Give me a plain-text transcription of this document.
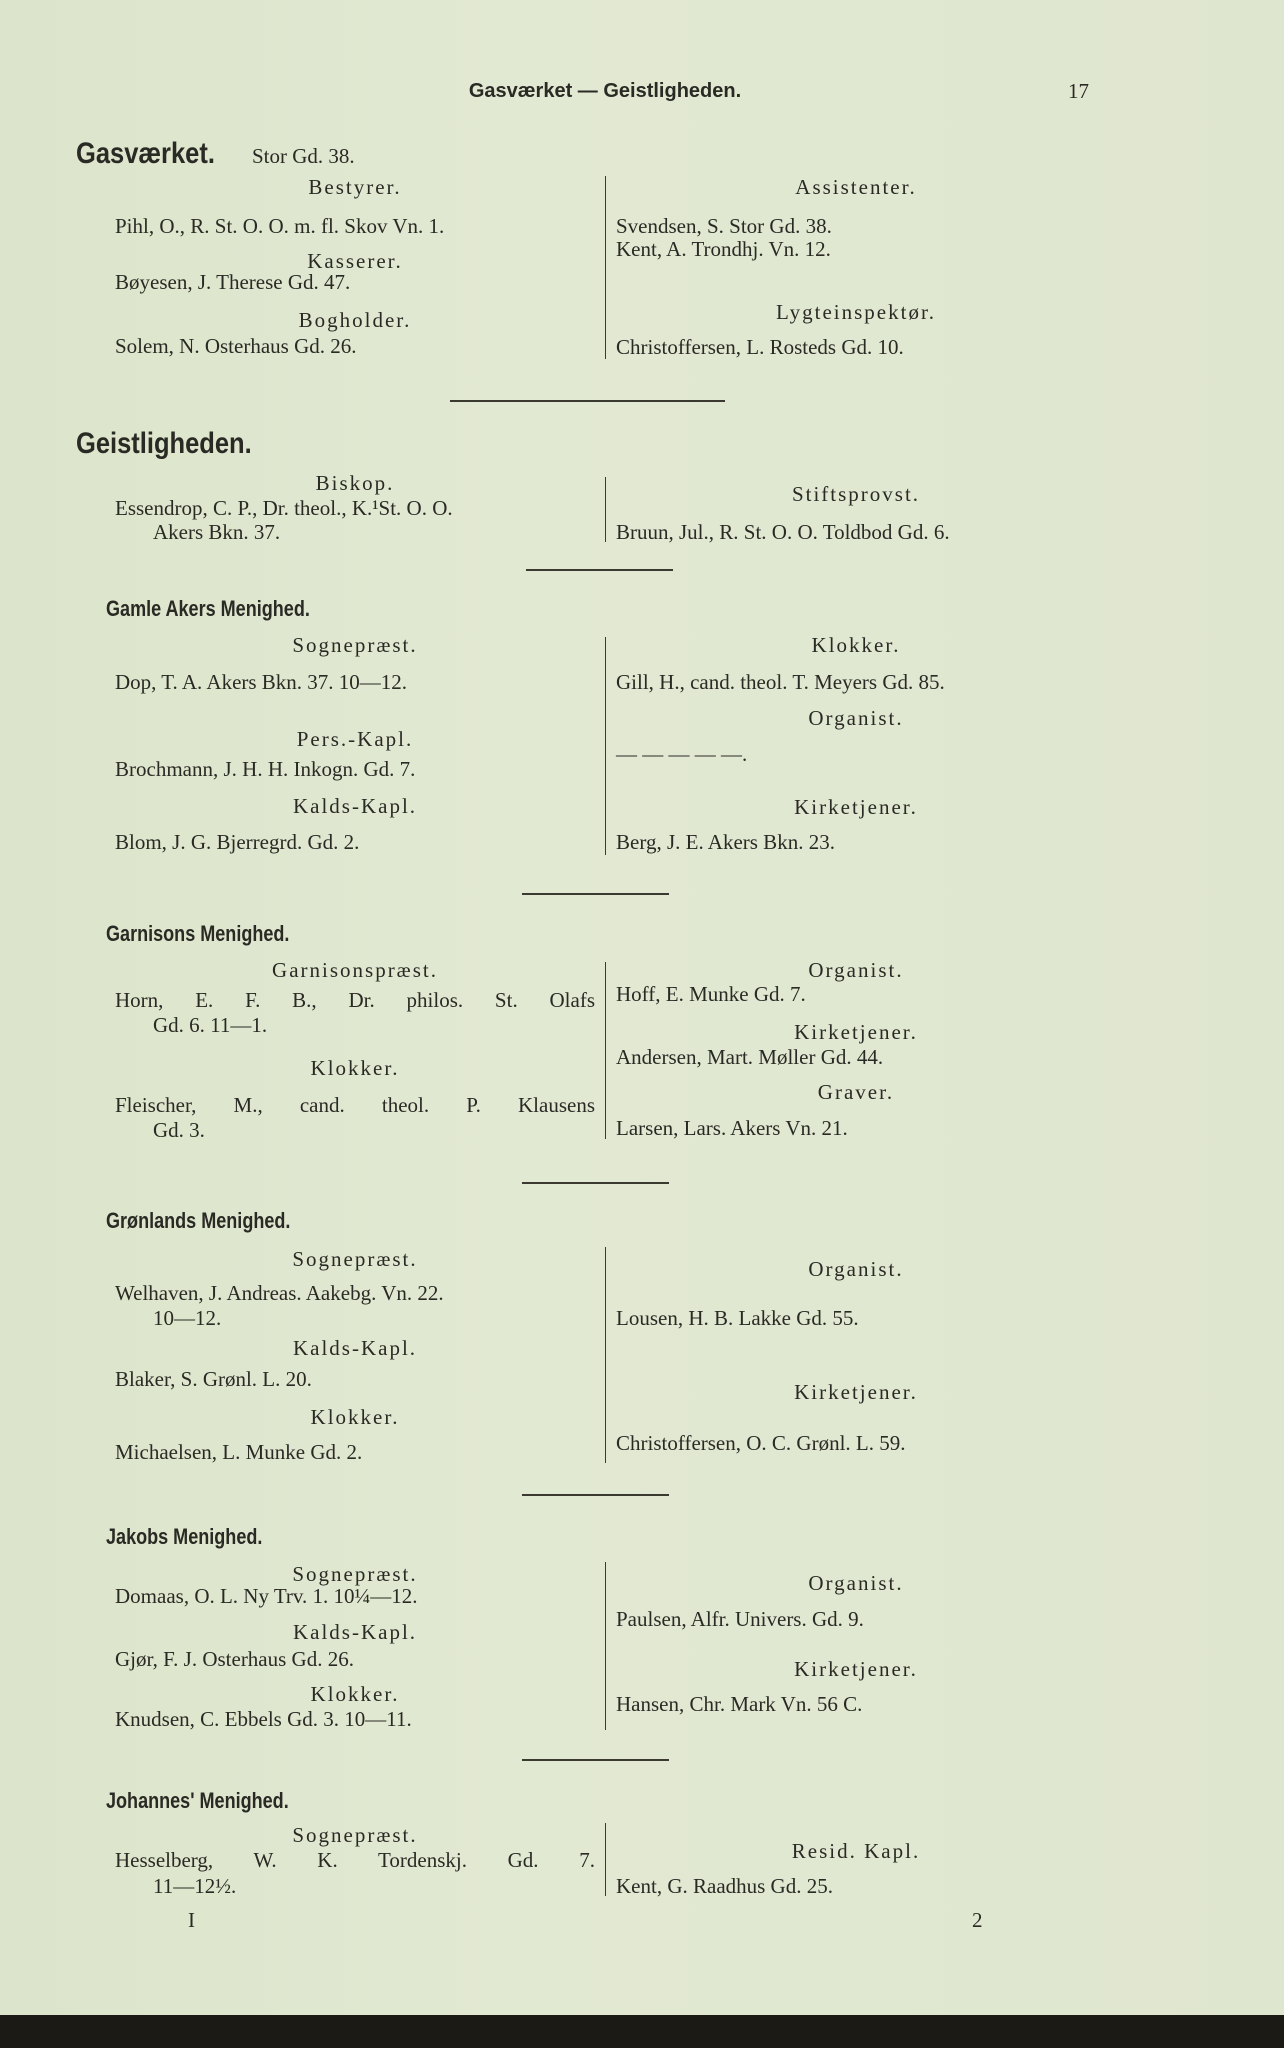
Gasværket — Geistligheden.	17
Gasværket. Stor Gd. 38.
Bestyrer.
Pihl, O., R. St. O. O. m. fl. Skov Vn. 1.
Kasserer.
Bøyesen, J. Therese Gd. 47.
Bogholder.
Solem, N. Osterhaus Gd. 26.
Assistenter.
Svendsen, S. Stor Gd. 38.
Kent, A. Trondhj. Vn. 12.
Lygteinspektør.
Christoffersen, L. Rosteds Gd. 10.
Geistligheden.
Biskop.
Essendrop, C. P., Dr. theol., K.¹St. O. O.
Akers Bkn. 37.
Stiftsprovst.
Bruun, Jul., R. St. O. O. Toldbod Gd. 6.
Gamle Akers Menighed.
Sognepræst.
Dop, T. A. Akers Bkn. 37. 10—12.
Pers.-Kapl.
Brochmann, J. H. H. Inkogn. Gd. 7.
Kalds-Kapl.
Blom, J. G. Bjerregrd. Gd. 2.
Klokker.
Gill, H., cand. theol. T. Meyers Gd. 85.
Organist.
— — — — —.
Kirketjener.
Berg, J. E. Akers Bkn. 23.
Garnisons Menighed.
Garnisonspræst.
Horn, E. F. B., Dr. philos. St. Olafs
Gd. 6. 11—1.
Klokker.
Fleischer, M., cand. theol. P. Klausens
Gd. 3.
Organist.
Hoff, E. Munke Gd. 7.
Kirketjener.
Andersen, Mart. Møller Gd. 44.
Graver.
Larsen, Lars. Akers Vn. 21.
Grønlands Menighed.
Sognepræst.
Welhaven, J. Andreas. Aakebg. Vn. 22.
10—12.
Kalds-Kapl.
Blaker, S. Grønl. L. 20.
Klokker.
Michaelsen, L. Munke Gd. 2.
Organist.
Lousen, H. B. Lakke Gd. 55.
Kirketjener.
Christoffersen, O. C. Grønl. L. 59.
Jakobs Menighed.
Sognepræst.
Domaas, O. L. Ny Trv. 1. 10¼—12.
Kalds-Kapl.
Gjør, F. J. Osterhaus Gd. 26.
Klokker.
Knudsen, C. Ebbels Gd. 3. 10—11.
Organist.
Paulsen, Alfr. Univers. Gd. 9.
Kirketjener.
Hansen, Chr. Mark Vn. 56 C.
Johannes' Menighed.
Sognepræst.
Hesselberg, W. K. Tordenskj. Gd. 7.
11—12½.
Resid. Kapl.
Kent, G. Raadhus Gd. 25.
I	2
